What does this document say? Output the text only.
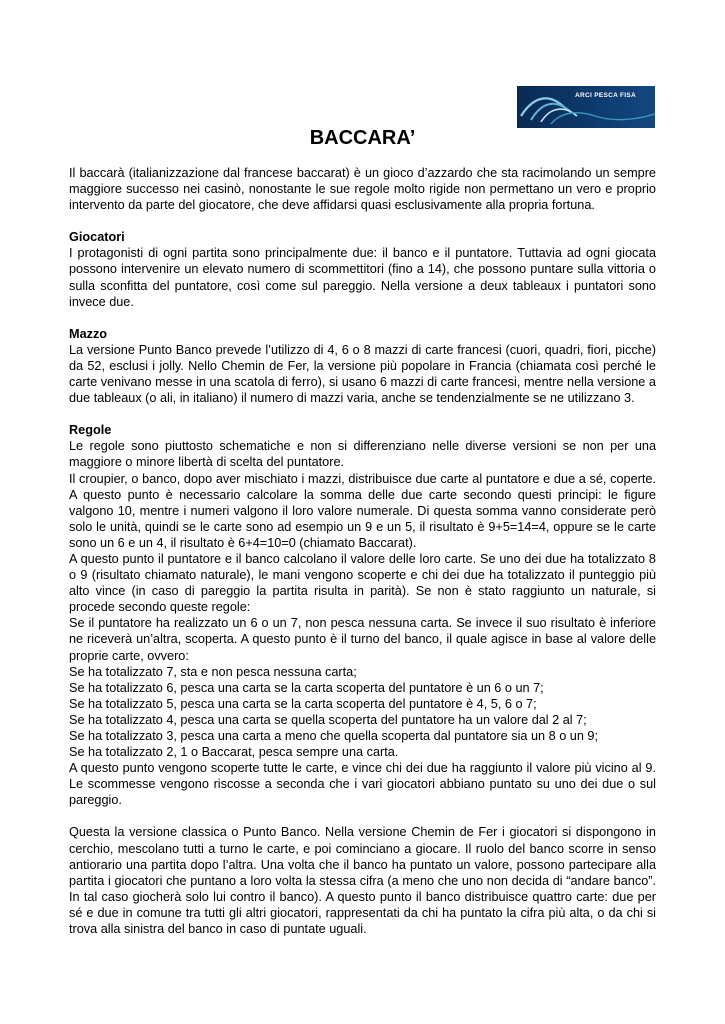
ARCI PESCA FISA
BACCARA’

Il baccarà (italianizzazione dal francese baccarat) è un gioco d’azzardo che sta racimolando un sempre maggiore successo nei casinò, nonostante le sue regole molto rigide non permettano un vero e proprio intervento da parte del giocatore, che deve affidarsi quasi esclusivamente alla propria fortuna.

Giocatori

I protagonisti di ogni partita sono principalmente due: il banco e il puntatore. Tuttavia ad ogni giocata possono intervenire un elevato numero di scommettitori (fino a 14), che possono puntare sulla vittoria o sulla sconfitta del puntatore, così come sul pareggio. Nella versione a deux tableaux i puntatori sono invece due.

Mazzo

La versione Punto Banco prevede l’utilizzo di 4, 6 o 8 mazzi di carte francesi (cuori, quadri, fiori, picche) da 52, esclusi i jolly. Nello Chemin de Fer, la versione più popolare in Francia (chiamata così perché le carte venivano messe in una scatola di ferro), si usano 6 mazzi di carte francesi, mentre nella versione a due tableaux (o ali, in italiano) il numero di mazzi varia, anche se tendenzialmente se ne utilizzano 3.

Regole

Le regole sono piuttosto schematiche e non si differenziano nelle diverse versioni se non per una maggiore o minore libertà di scelta del puntatore.

Il croupier, o banco, dopo aver mischiato i mazzi, distribuisce due carte al puntatore e due a sé, coperte. A questo punto è necessario calcolare la somma delle due carte secondo questi principi: le figure valgono 10, mentre i numeri valgono il loro valore numerale. Di questa somma vanno considerate però solo le unità, quindi se le carte sono ad esempio un 9 e un 5, il risultato è 9+5=14=4, oppure se le carte sono un 6 e un 4, il risultato è 6+4=10=0 (chiamato Baccarat).

A questo punto il puntatore e il banco calcolano il valore delle loro carte. Se uno dei due ha totalizzato 8 o 9 (risultato chiamato naturale), le mani vengono scoperte e chi dei due ha totalizzato il punteggio più alto vince (in caso di pareggio la partita risulta in parità). Se non è stato raggiunto un naturale, si procede secondo queste regole:

Se il puntatore ha realizzato un 6 o un 7, non pesca nessuna carta. Se invece il suo risultato è inferiore ne riceverà un’altra, scoperta. A questo punto è il turno del banco, il quale agisce in base al valore delle proprie carte, ovvero:

Se ha totalizzato 7, sta e non pesca nessuna carta;

Se ha totalizzato 6, pesca una carta se la carta scoperta del puntatore è un 6 o un 7;

Se ha totalizzato 5, pesca una carta se la carta scoperta del puntatore è 4, 5, 6 o 7;

Se ha totalizzato 4, pesca una carta se quella scoperta del puntatore ha un valore dal 2 al 7;

Se ha totalizzato 3, pesca una carta a meno che quella scoperta dal puntatore sia un 8 o un 9;

Se ha totalizzato 2, 1 o Baccarat, pesca sempre una carta.

A questo punto vengono scoperte tutte le carte, e vince chi dei due ha raggiunto il valore più vicino al 9. Le scommesse vengono riscosse a seconda che i vari giocatori abbiano puntato su uno dei due o sul pareggio.

Questa la versione classica o Punto Banco. Nella versione Chemin de Fer i giocatori si dispongono in cerchio, mescolano tutti a turno le carte, e poi cominciano a giocare. Il ruolo del banco scorre in senso antiorario una partita dopo l’altra. Una volta che il banco ha puntato un valore, possono partecipare alla partita i giocatori che puntano a loro volta la stessa cifra (a meno che uno non decida di “andare banco”. In tal caso giocherà solo lui contro il banco). A questo punto il banco distribuisce quattro carte: due per sé e due in comune tra tutti gli altri giocatori, rappresentati da chi ha puntato la cifra più alta, o da chi si trova alla sinistra del banco in caso di puntate uguali.
